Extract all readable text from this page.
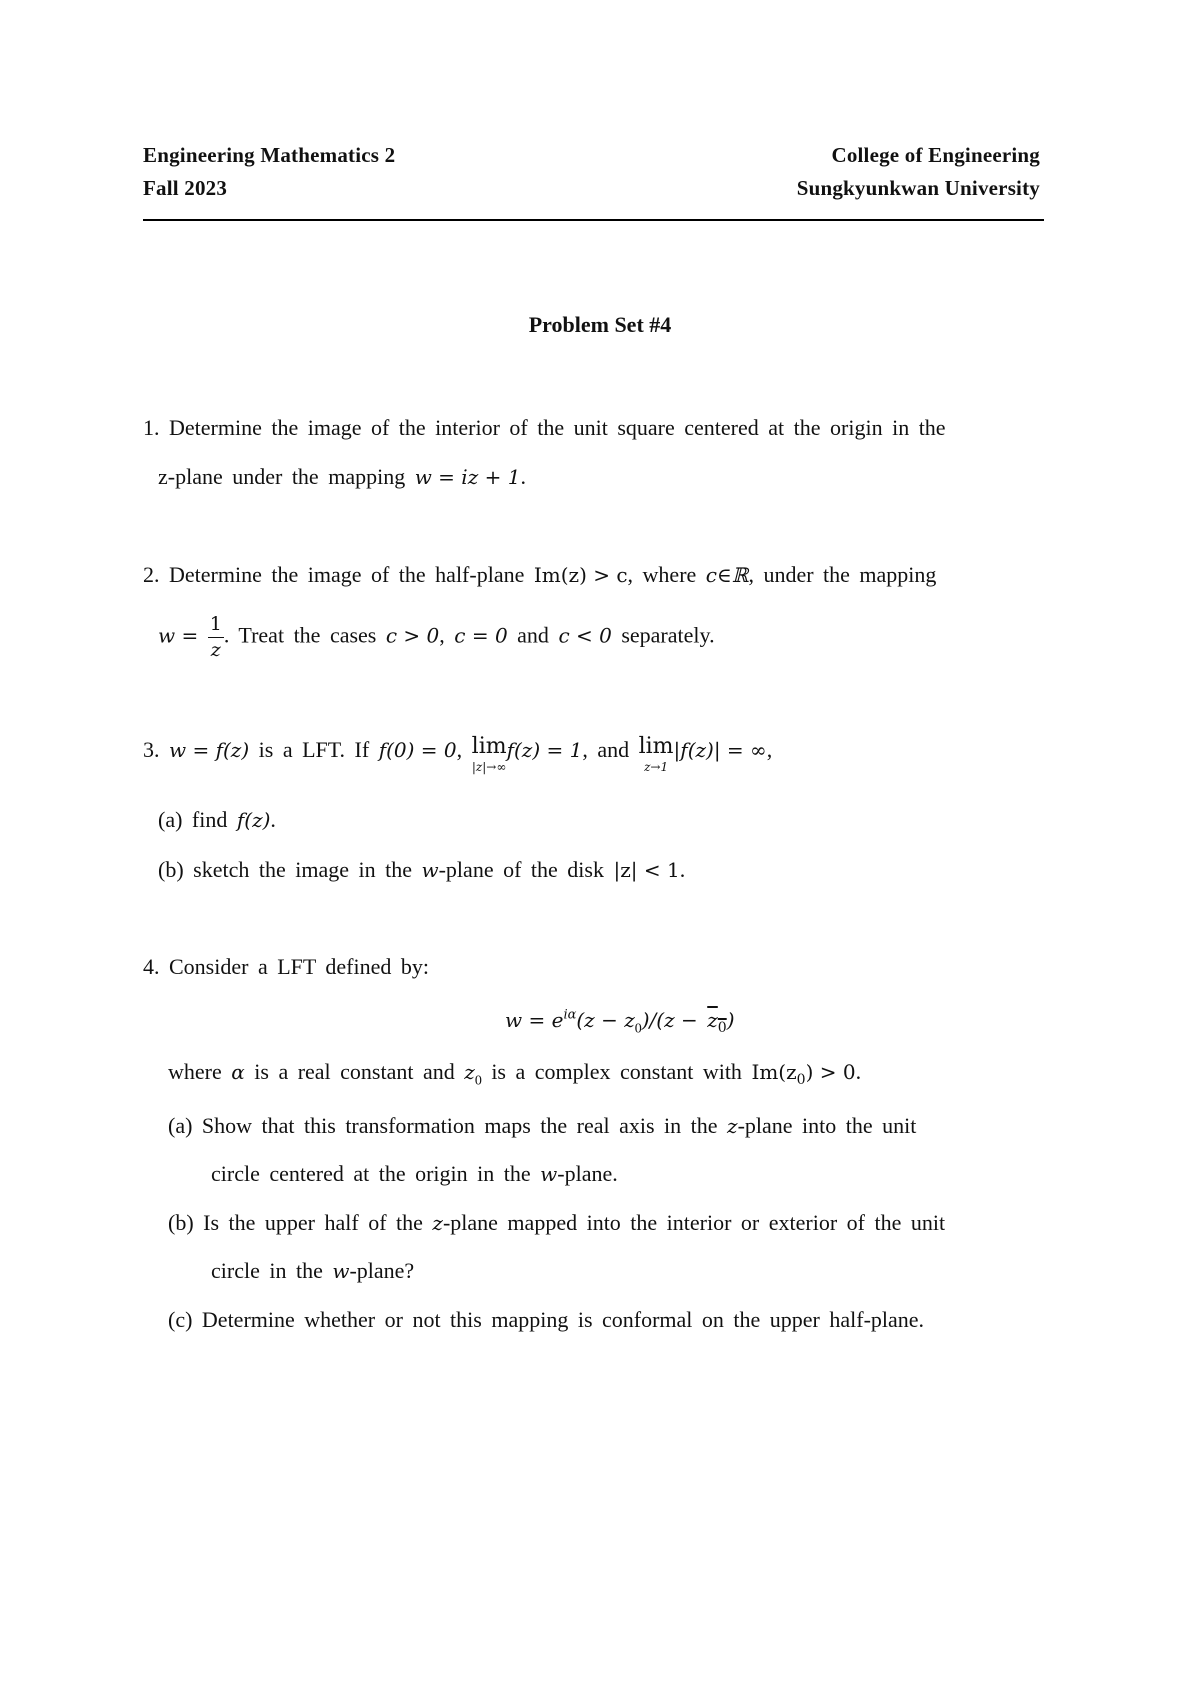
Engineering Mathematics 2
Fall 2023
College of Engineering
Sungkyunkwan University
Problem Set #4
1. Determine the image of the interior of the unit square centered at the origin in the
z-plane under the mapping w = iz + 1.
2. Determine the image of the half-plane Im(z) > c, where c∈ℝ, under the mapping
$w = \frac{1}{z}$ . Treat the cases c > 0, c = 0 and c < 0 separately.
3. w = f(z) is a LFT. If f(0) = 0, lim
|z|→∞
f(z) = 1, and lim
z→1
|f(z)| = ∞,
(a) find f(z).
(b) sketch the image in the w-plane of the disk |z| < 1.
4. Consider a LFT defined by:
$w = e^{i\alpha}(z - z_0)/(z - z_0)$
where α is a real constant and $z_0$ is a complex constant with $Im(z_0) > 0$.
(a) Show that this transformation maps the real axis in the z-plane into the unit
circle centered at the origin in the w-plane.
(b) Is the upper half of the z-plane mapped into the interior or exterior of the unit
circle in the w-plane?
(c) Determine whether or not this mapping is conformal on the upper half-plane.
